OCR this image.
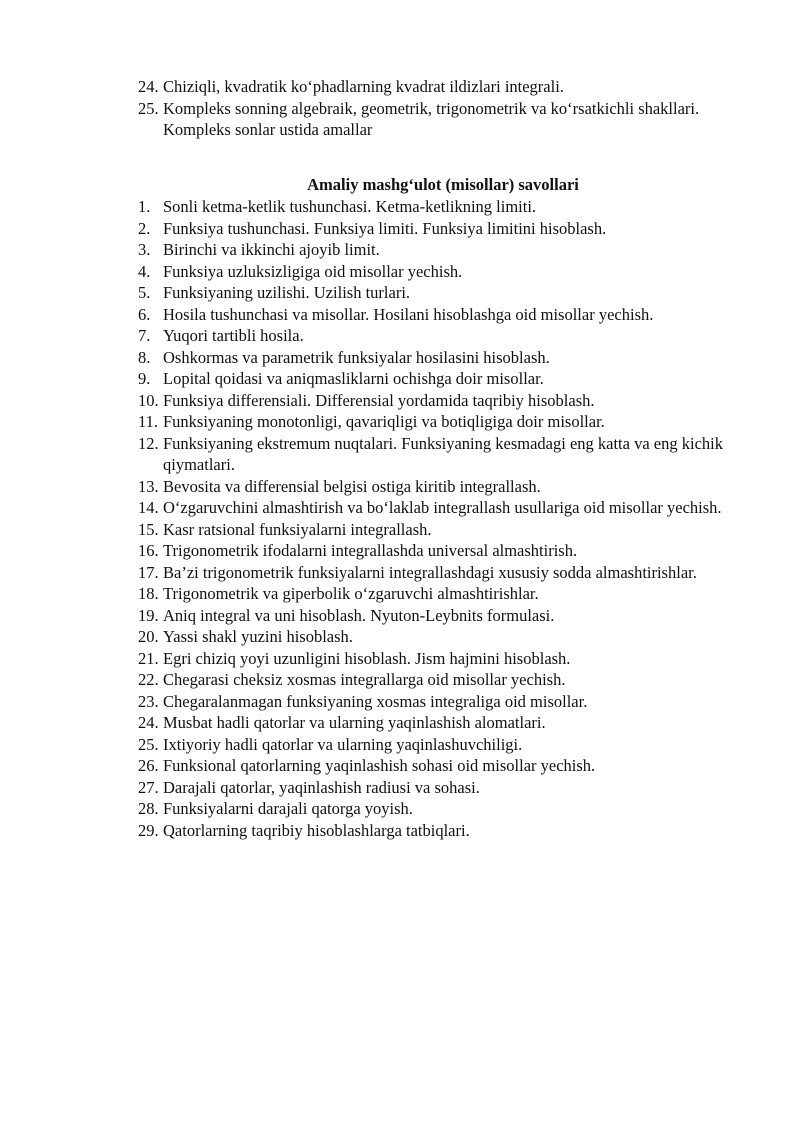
24. Chiziqli, kvadratik ko‘phadlarning kvadrat ildizlari integrali.
25. Kompleks sonning algebraik, geometrik, trigonometrik va ko‘rsatkichli shakllari. Kompleks sonlar ustida amallar
Amaliy mashg‘ulot (misollar) savollari
1. Sonli ketma-ketlik tushunchasi. Ketma-ketlikning limiti.
2. Funksiya tushunchasi. Funksiya limiti. Funksiya limitini hisoblash.
3. Birinchi va ikkinchi ajoyib limit.
4. Funksiya uzluksizligiga oid misollar yechish.
5. Funksiyaning uzilishi. Uzilish turlari.
6. Hosila tushunchasi va misollar. Hosilani hisoblashga oid misollar yechish.
7. Yuqori tartibli hosila.
8. Oshkormas va parametrik funksiyalar hosilasini hisoblash.
9. Lopital qoidasi va aniqmasliklarni ochishga doir misollar.
10. Funksiya differensiali. Differensial yordamida taqribiy hisoblash.
11. Funksiyaning monotonligi, qavariqligi va botiqligiga doir misollar.
12. Funksiyaning ekstremum nuqtalari. Funksiyaning kesmadagi eng katta va eng kichik qiymatlari.
13. Bevosita va differensial belgisi ostiga kiritib integrallash.
14. O‘zgaruvchini almashtirish va bo‘laklab integrallash usullariga oid misollar yechish.
15. Kasr ratsional funksiyalarni integrallash.
16. Trigonometrik ifodalarni integrallashda universal almashtirish.
17. Ba’zi trigonometrik funksiyalarni integrallashdagi xususiy sodda almashtirishlar.
18. Trigonometrik va giperbolik o‘zgaruvchi almashtirishlar.
19. Aniq integral va uni hisoblash. Nyuton-Leybnits formulasi.
20. Yassi shakl yuzini hisoblash.
21. Egri chiziq yoyi uzunligini hisoblash. Jism hajmini hisoblash.
22. Chegarasi cheksiz xosmas integrallarga oid misollar yechish.
23. Chegaralanmagan funksiyaning xosmas integraliga oid misollar.
24. Musbat hadli qatorlar va ularning yaqinlashish alomatlari.
25. Ixtiyoriy hadli qatorlar va ularning yaqinlashuvchiligi.
26. Funksional qatorlarning yaqinlashish sohasi oid misollar yechish.
27. Darajali qatorlar, yaqinlashish radiusi va sohasi.
28. Funksiyalarni darajali qatorga yoyish.
29. Qatorlarning taqribiy hisoblashlarga tatbiqlari.
